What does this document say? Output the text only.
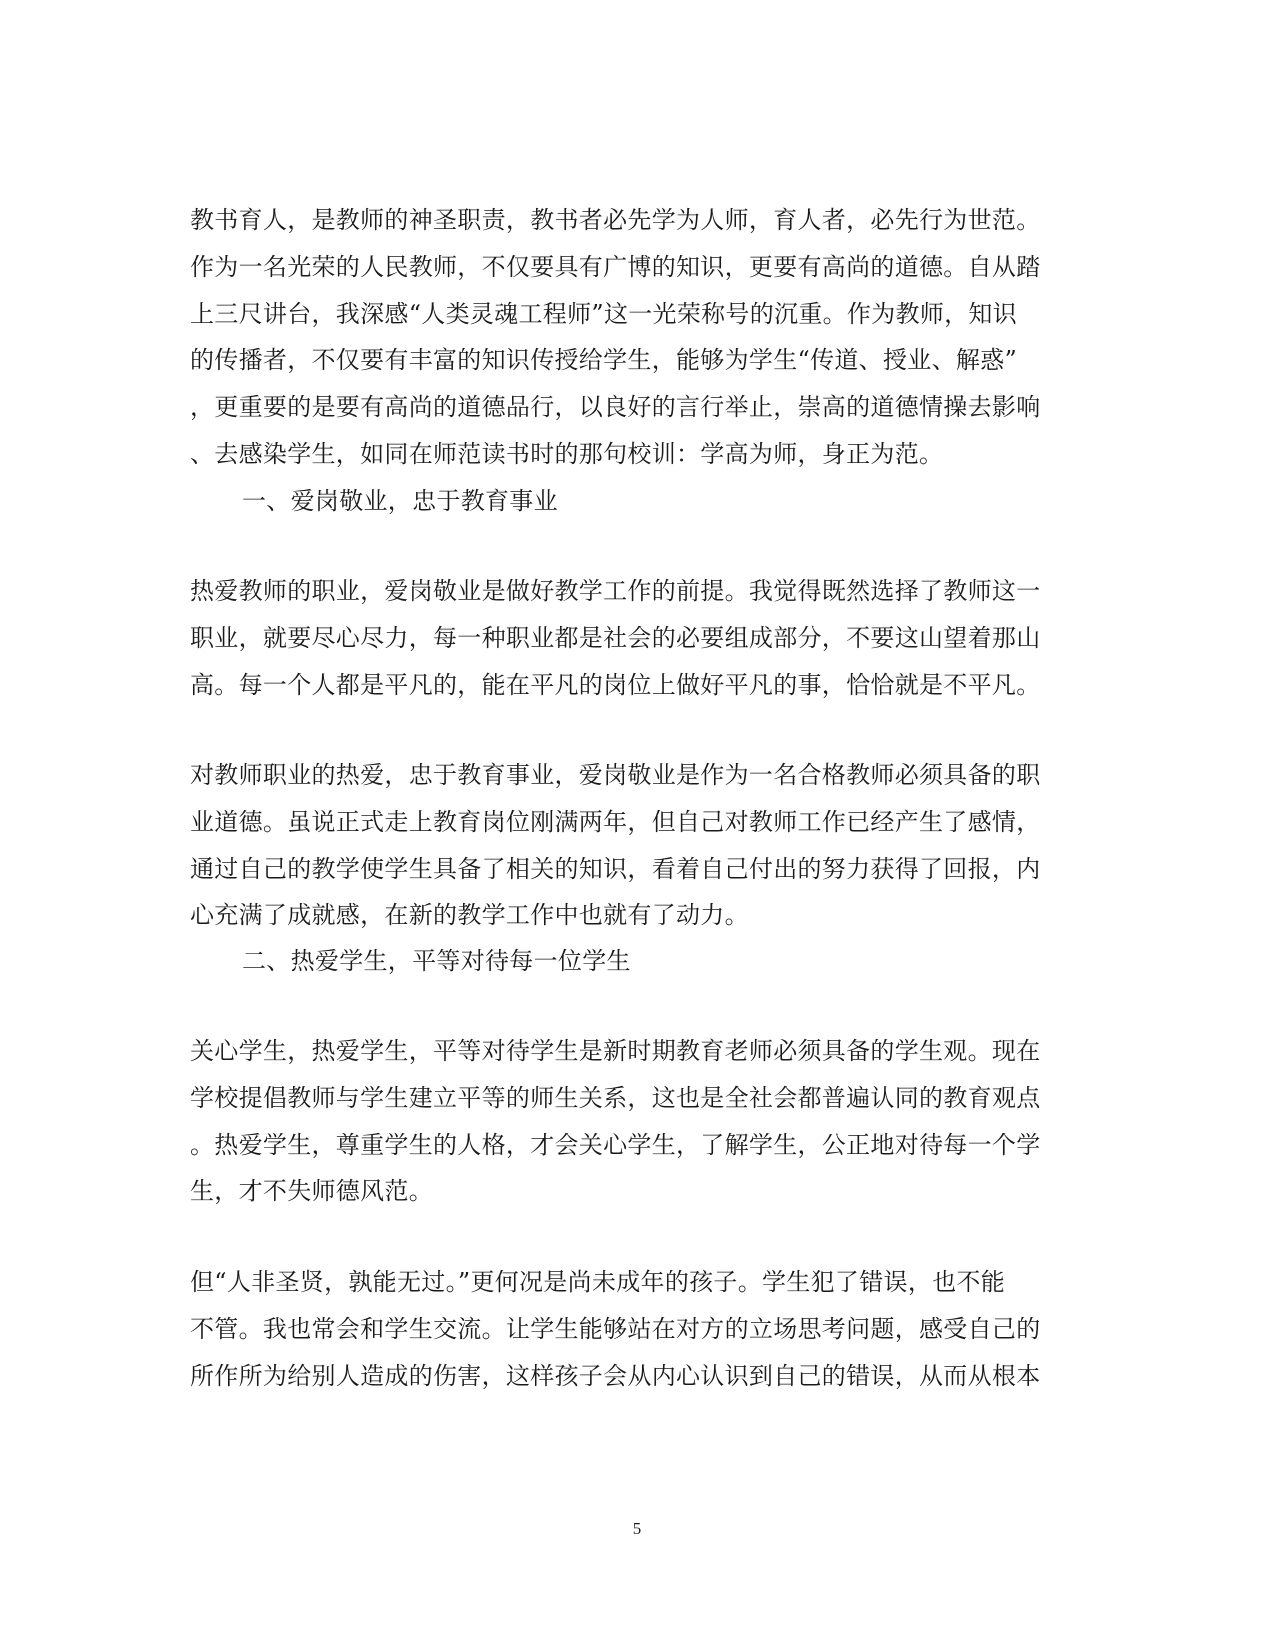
教书育人，是教师的神圣职责，教书者必先学为人师，育人者，必先行为世范。
作为一名光荣的人民教师，不仅要具有广博的知识，更要有高尚的道德。自从踏
上三尺讲台，我深感“人类灵魂工程师”这一光荣称号的沉重。作为教师，知识
的传播者，不仅要有丰富的知识传授给学生，能够为学生“传道、授业、解惑”
，更重要的是要有高尚的道德品行，以良好的言行举止，崇高的道德情操去影响
、去感染学生，如同在师范读书时的那句校训：学高为师，身正为范。
一、爱岗敬业，忠于教育事业
热爱教师的职业，爱岗敬业是做好教学工作的前提。我觉得既然选择了教师这一
职业，就要尽心尽力，每一种职业都是社会的必要组成部分，不要这山望着那山
高。每一个人都是平凡的，能在平凡的岗位上做好平凡的事，恰恰就是不平凡。
对教师职业的热爱，忠于教育事业，爱岗敬业是作为一名合格教师必须具备的职
业道德。虽说正式走上教育岗位刚满两年，但自己对教师工作已经产生了感情，
通过自己的教学使学生具备了相关的知识，看着自己付出的努力获得了回报，内
心充满了成就感，在新的教学工作中也就有了动力。
二、热爱学生，平等对待每一位学生
关心学生，热爱学生，平等对待学生是新时期教育老师必须具备的学生观。现在
学校提倡教师与学生建立平等的师生关系，这也是全社会都普遍认同的教育观点
。热爱学生，尊重学生的人格，才会关心学生，了解学生，公正地对待每一个学
生，才不失师德风范。
但“人非圣贤，孰能无过。”更何况是尚未成年的孩子。学生犯了错误，也不能
不管。我也常会和学生交流。让学生能够站在对方的立场思考问题，感受自己的
所作所为给别人造成的伤害，这样孩子会从内心认识到自己的错误，从而从根本
5
